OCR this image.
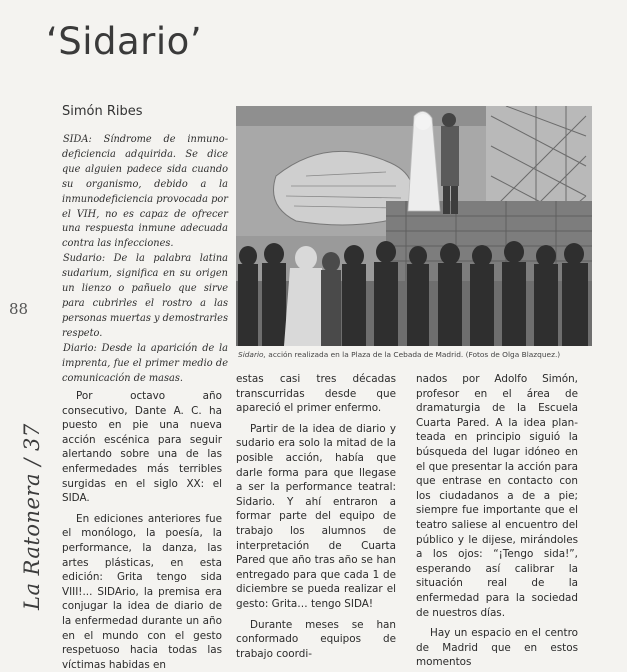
‘Sidario’
Simón Ribes

SIDA: Síndrome de inmunodeficiencia adquirida. Se dice que alguien padece sida cuando su organismo, debido a la inmunodeficiencia provocada por el VIH, no es capaz de ofrecer una respuesta inmune adecuada contra las infecciones.

Sudario: De la palabra latina sudarium, significa en su origen un lienzo o pañuelo que sirve para cubrirles el rostro a las personas muertas y demostrarles respeto.

Diario: Desde la aparición de la imprenta, fue el primer medio de comunicación de masas.

88
La Ratonera / 37
Sidario, acción realizada en la Plaza de la Cebada de Madrid. (Fotos de Olga Blazquez.)

Por octavo año consecutivo, Dante A. C. ha puesto en pie una nueva acción escénica para seguir alertando sobre una de las enfermedades más terribles surgidas en el siglo XX: el SIDA.

En ediciones anteriores fue el monólogo, la poesía, la performance, la danza, las artes plásticas, en esta edición: Grita tengo sida VIII!... SIDArio, la premisa era conjugar la idea de diario de la enfermedad durante un año en el mundo con el gesto respetuoso hacia todas las víctimas habidas en

estas casi tres décadas transcurridas desde que apareció el primer enfermo.

Partir de la idea de diario y sudario era solo la mitad de la posible acción, había que darle forma para que llegase a ser la performance teatral: Sidario. Y ahí entraron a formar parte del equipo de trabajo los alumnos de interpretación de Cuarta Pared que año tras año se han entregado para que cada 1 de diciembre se pueda realizar el gesto: Grita… tengo SIDA!

Durante meses se han conformado equipos de trabajo coordi-

nados por Adolfo Simón, profesor en el área de dramaturgia de la Escuela Cuarta Pared. A la idea planteada en principio siguió la búsqueda del lugar idóneo en el que presentar la acción para que entrase en contacto con los ciudadanos a de a pie; siempre fue importante que el teatro saliese al encuentro del público y le dijese, mirándoles a los ojos: “¡Tengo sida!”, esperando así calibrar la situación real de la enfermedad para la sociedad de nuestros días.

Hay un espacio en el centro de Madrid que en estos momentos
